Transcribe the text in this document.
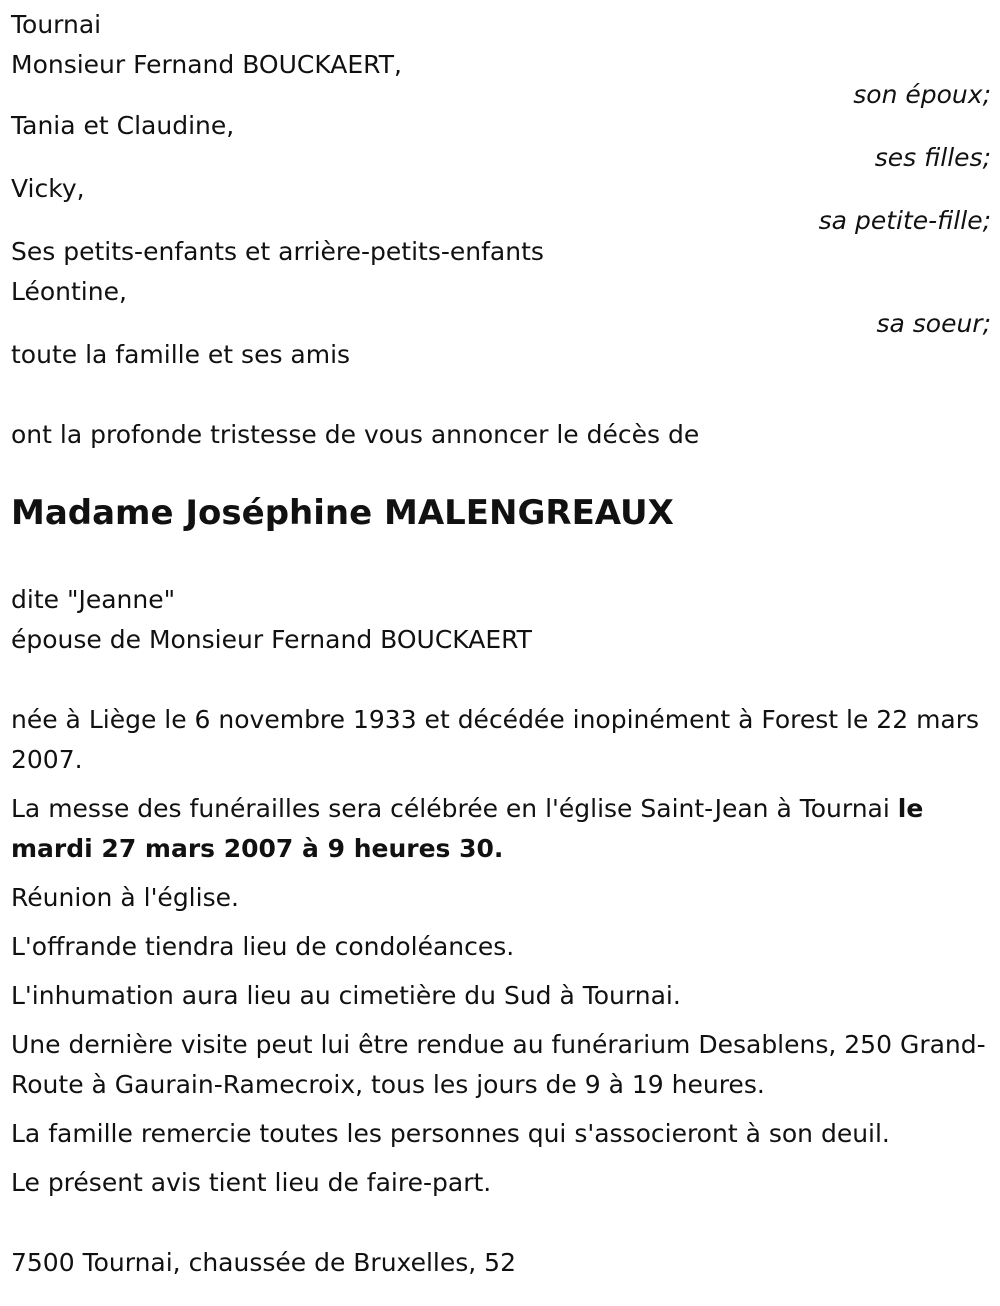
Tournai
Monsieur Fernand BOUCKAERT,
son époux;
Tania et Claudine,
ses filles;
Vicky,
sa petite-fille;
Ses petits-enfants et arrière-petits-enfants
Léontine,
sa soeur;
toute la famille et ses amis
ont la profonde tristesse de vous annoncer le décès de
Madame Joséphine MALENGREAUX
dite "Jeanne"
épouse de Monsieur Fernand BOUCKAERT
née à Liège le 6 novembre 1933 et décédée inopinément à Forest le 22 mars 2007.
La messe des funérailles sera célébrée en l'église Saint-Jean à Tournai le mardi 27 mars 2007 à 9 heures 30.
Réunion à l'église.
L'offrande tiendra lieu de condoléances.
L'inhumation aura lieu au cimetière du Sud à Tournai.
Une dernière visite peut lui être rendue au funérarium Desablens, 250 Grand-Route à Gaurain-Ramecroix, tous les jours de 9 à 19 heures.
La famille remercie toutes les personnes qui s'associeront à son deuil.
Le présent avis tient lieu de faire-part.
7500 Tournai, chaussée de Bruxelles, 52
